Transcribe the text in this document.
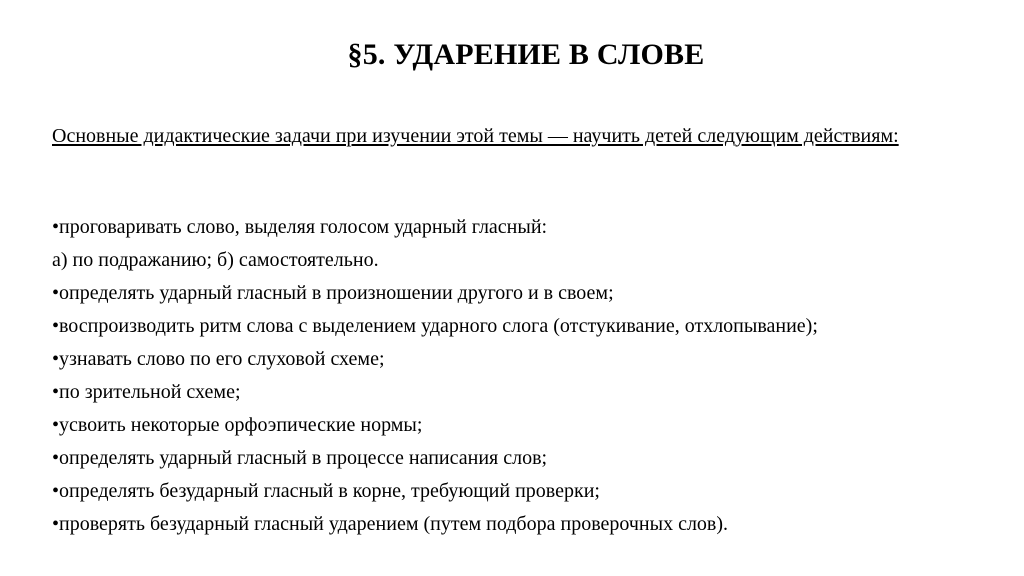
§5. УДАРЕНИЕ В СЛОВЕ

Основные дидактические задачи при изучении этой темы — научить детей следующим действиям:

•проговаривать слово, выделяя голосом ударный гласный:
а) по подражанию; б) самостоятельно.
•определять ударный гласный в произношении другого и в своем;
•воспроизводить ритм слова с выделением ударного слога (отстукивание, отхлопывание);
•узнавать слово по его слуховой схеме;
•по зрительной схеме;
•усвоить некоторые орфоэпические нормы;
•определять ударный гласный в процессе написания слов;
•определять безударный гласный в корне, требующий проверки;
•проверять безударный гласный ударением (путем подбора проверочных слов).
